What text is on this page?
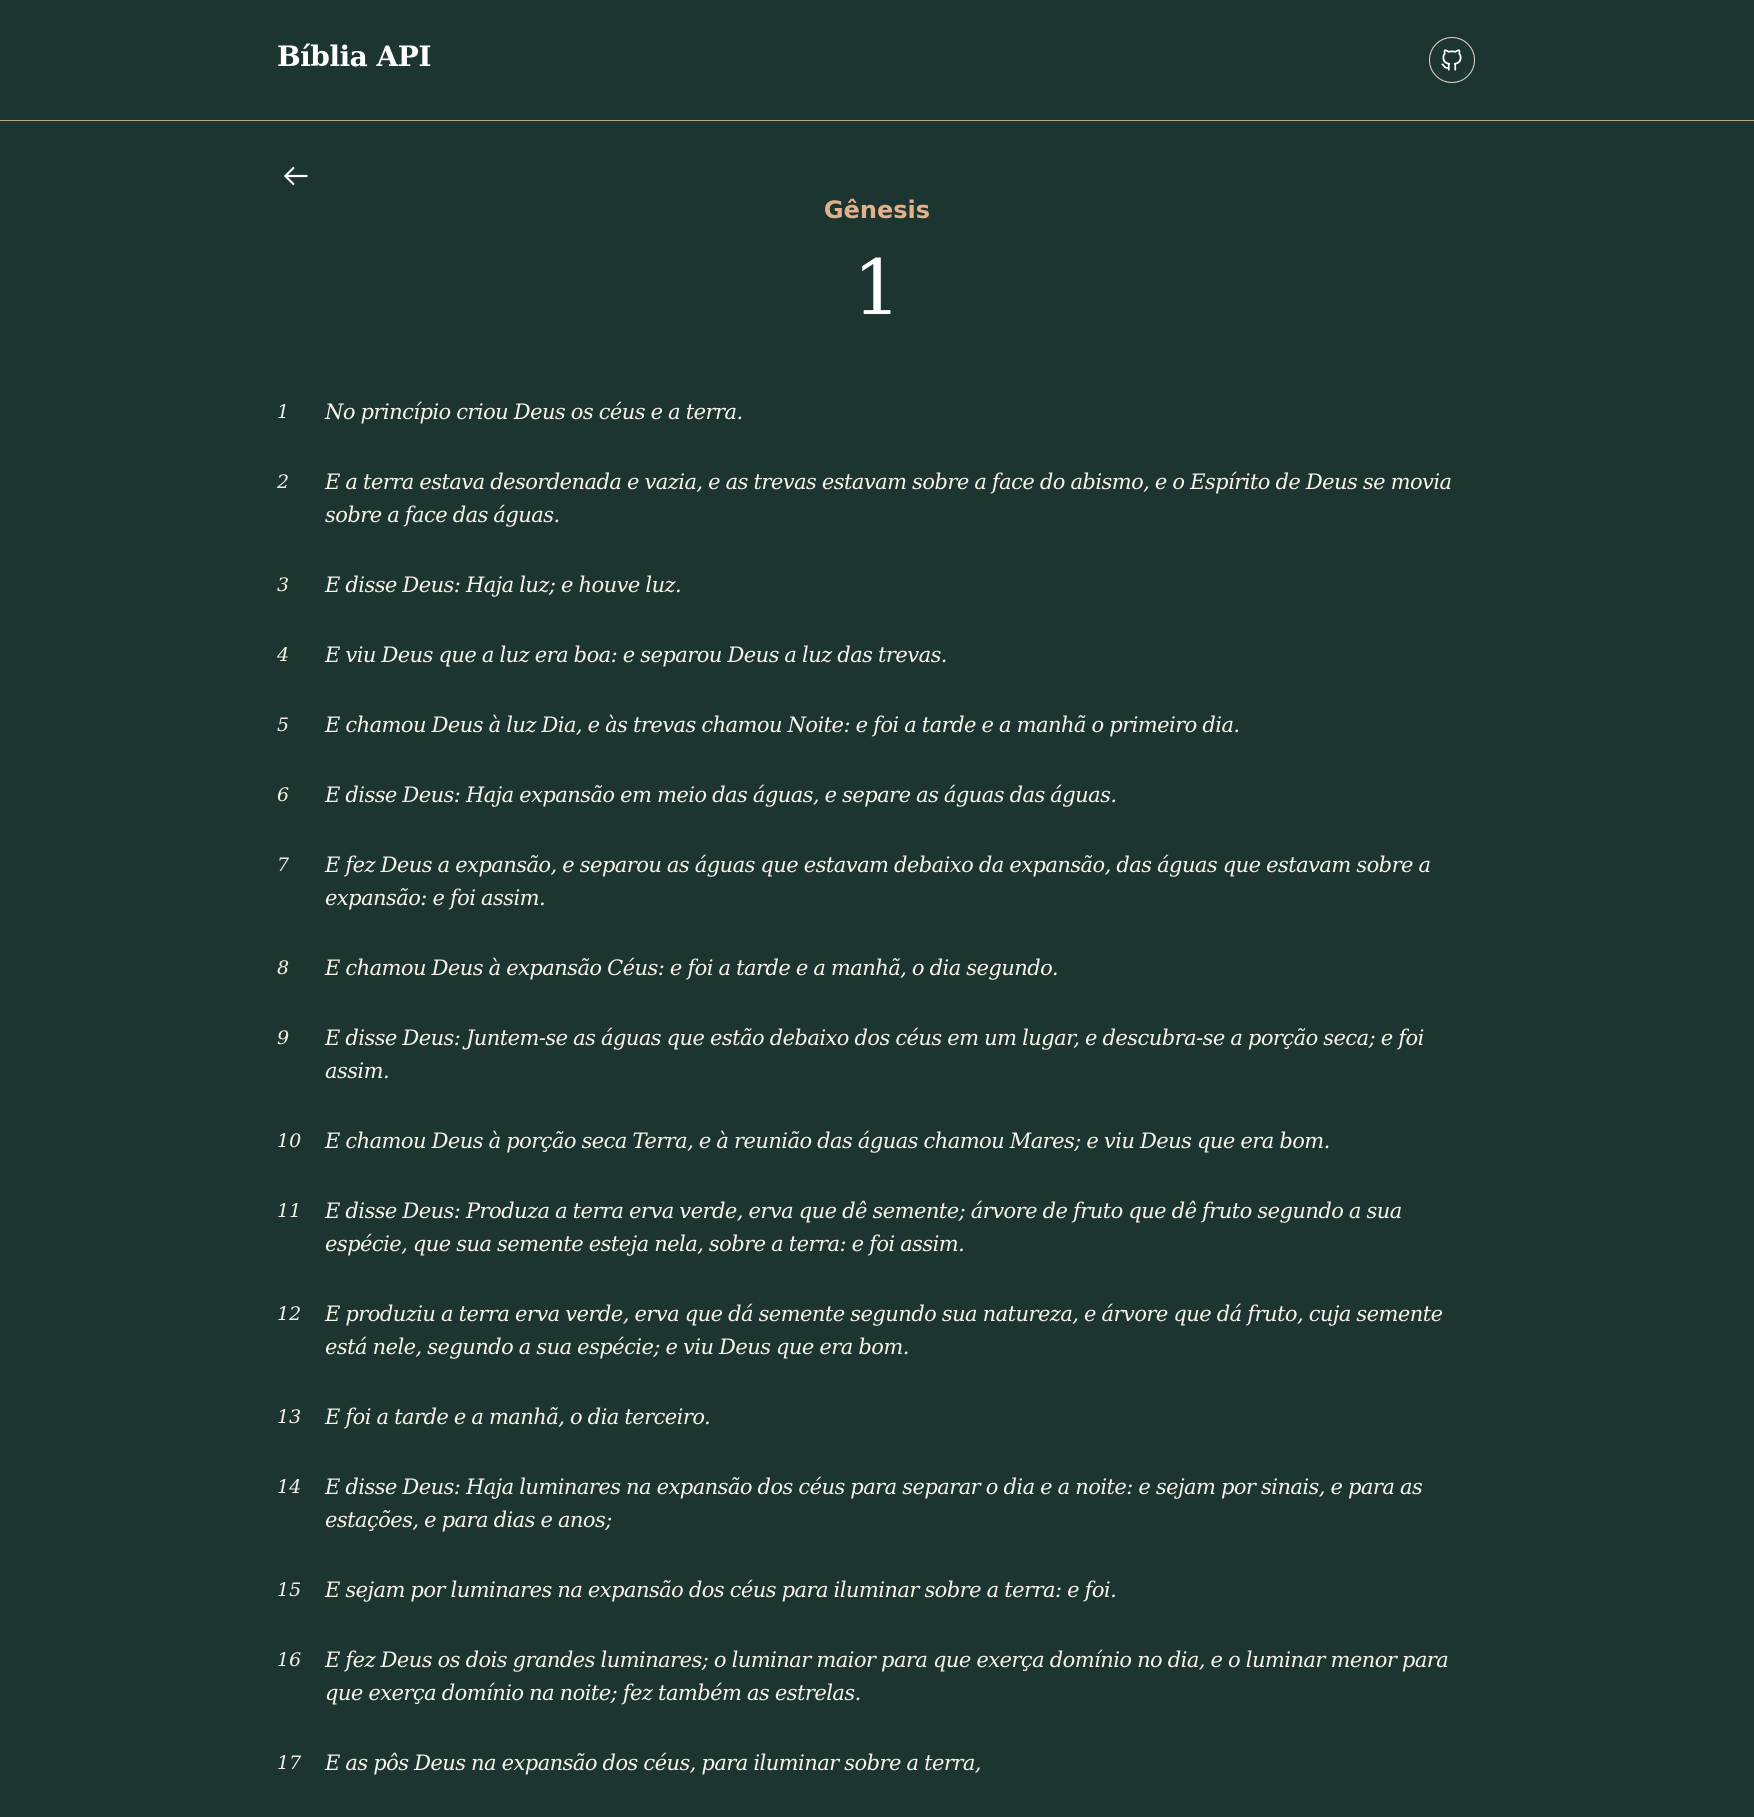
Bíblia API
Gênesis
1
1	No princípio criou Deus os céus e a terra.
2	E a terra estava desordenada e vazia, e as trevas estavam sobre a face do abismo, e o Espírito de Deus se movia sobre a face das águas.
3	E disse Deus: Haja luz; e houve luz.
4	E viu Deus que a luz era boa: e separou Deus a luz das trevas.
5	E chamou Deus à luz Dia, e às trevas chamou Noite: e foi a tarde e a manhã o primeiro dia.
6	E disse Deus: Haja expansão em meio das águas, e separe as águas das águas.
7	E fez Deus a expansão, e separou as águas que estavam debaixo da expansão, das águas que estavam sobre a expansão: e foi assim.
8	E chamou Deus à expansão Céus: e foi a tarde e a manhã, o dia segundo.
9	E disse Deus: Juntem-se as águas que estão debaixo dos céus em um lugar, e descubra-se a porção seca; e foi assim.
10	E chamou Deus à porção seca Terra, e à reunião das águas chamou Mares; e viu Deus que era bom.
11	E disse Deus: Produza a terra erva verde, erva que dê semente; árvore de fruto que dê fruto segundo a sua espécie, que sua semente esteja nela, sobre a terra: e foi assim.
12	E produziu a terra erva verde, erva que dá semente segundo sua natureza, e árvore que dá fruto, cuja semente está nele, segundo a sua espécie; e viu Deus que era bom.
13	E foi a tarde e a manhã, o dia terceiro.
14	E disse Deus: Haja luminares na expansão dos céus para separar o dia e a noite: e sejam por sinais, e para as estações, e para dias e anos;
15	E sejam por luminares na expansão dos céus para iluminar sobre a terra: e foi.
16	E fez Deus os dois grandes luminares; o luminar maior para que exerça domínio no dia, e o luminar menor para que exerça domínio na noite; fez também as estrelas.
17	E as pôs Deus na expansão dos céus, para iluminar sobre a terra,
